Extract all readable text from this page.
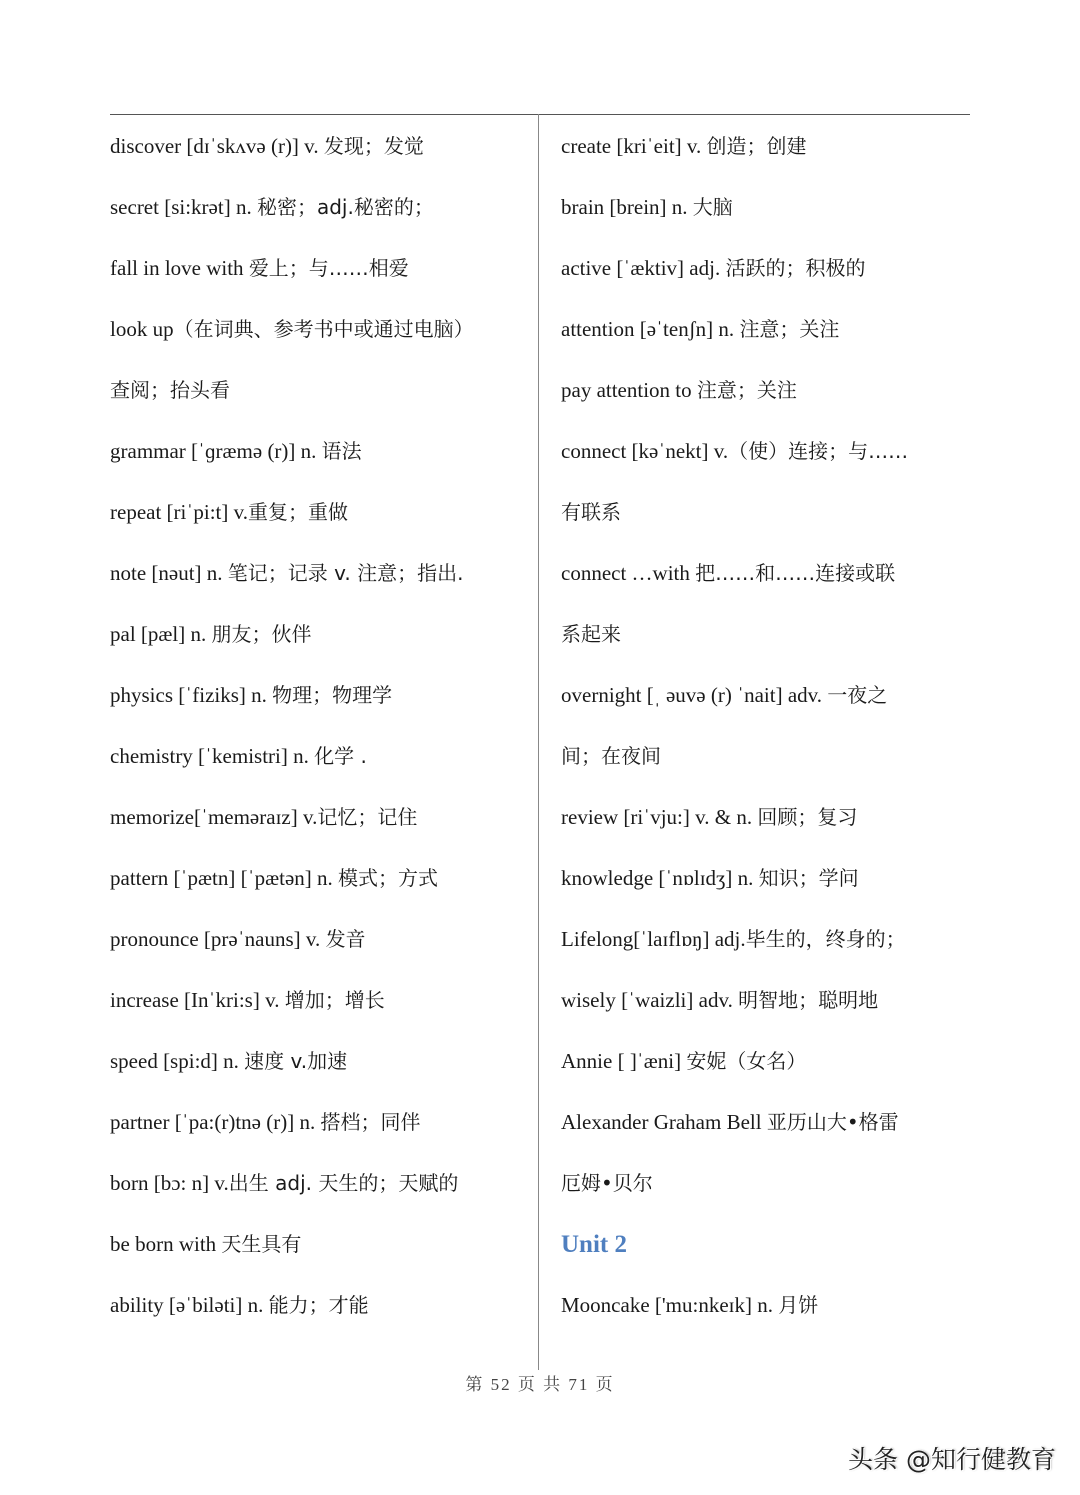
discover [dɪˈskʌvə (r)] v. 发现；发觉
secret [si:krət] n. 秘密；adj.秘密的；
fall in love with 爱上；与……相爱
look up（在词典、参考书中或通过电脑）
查阅；抬头看
grammar [ˈɡræmə (r)] n. 语法
repeat [riˈpi:t] v.重复；重做
note [nəut] n. 笔记；记录 v. 注意；指出.
pal [pæl] n. 朋友；伙伴
physics [ˈfiziks] n. 物理；物理学
chemistry [ˈkemistri] n. 化学 .
memorize[ˈmeməraɪz] v.记忆；记住
pattern [ˈpætn] [ˈpætən] n. 模式；方式
pronounce [prəˈnauns] v. 发音
increase [Inˈkri:s] v. 增加；增长
speed [spi:d] n. 速度 v.加速
partner [ˈpa:(r)tnə (r)] n. 搭档；同伴
born [bɔ: n] v.出生 adj. 天生的；天赋的
be born with 天生具有
ability [əˈbiləti] n. 能力；才能
create [kriˈeit] v. 创造；创建
brain [brein] n. 大脑
active [ˈæktiv] adj. 活跃的；积极的
attention [əˈtenʃn] n. 注意；关注
pay attention to 注意；关注
connect [kəˈnekt] v.（使）连接；与……
有联系
connect …with 把……和……连接或联
系起来
overnight [ˌ əuvə (r) ˈnait] adv. 一夜之
间；在夜间
review [riˈvju:] v. & n. 回顾；复习
knowledge [ˈnɒlɪdʒ] n. 知识；学问
Lifelong[ˈlaɪflɒŋ] adj.毕生的，终身的；
wisely [ˈwaizli] adv. 明智地；聪明地
Annie [ ]ˈæni] 安妮（女名）
Alexander Graham Bell 亚历山大•格雷
厄姆•贝尔
Unit 2
Mooncake ['mu:nkeɪk] n. 月饼
第 52 页 共 71 页
头条 @知行健教育
